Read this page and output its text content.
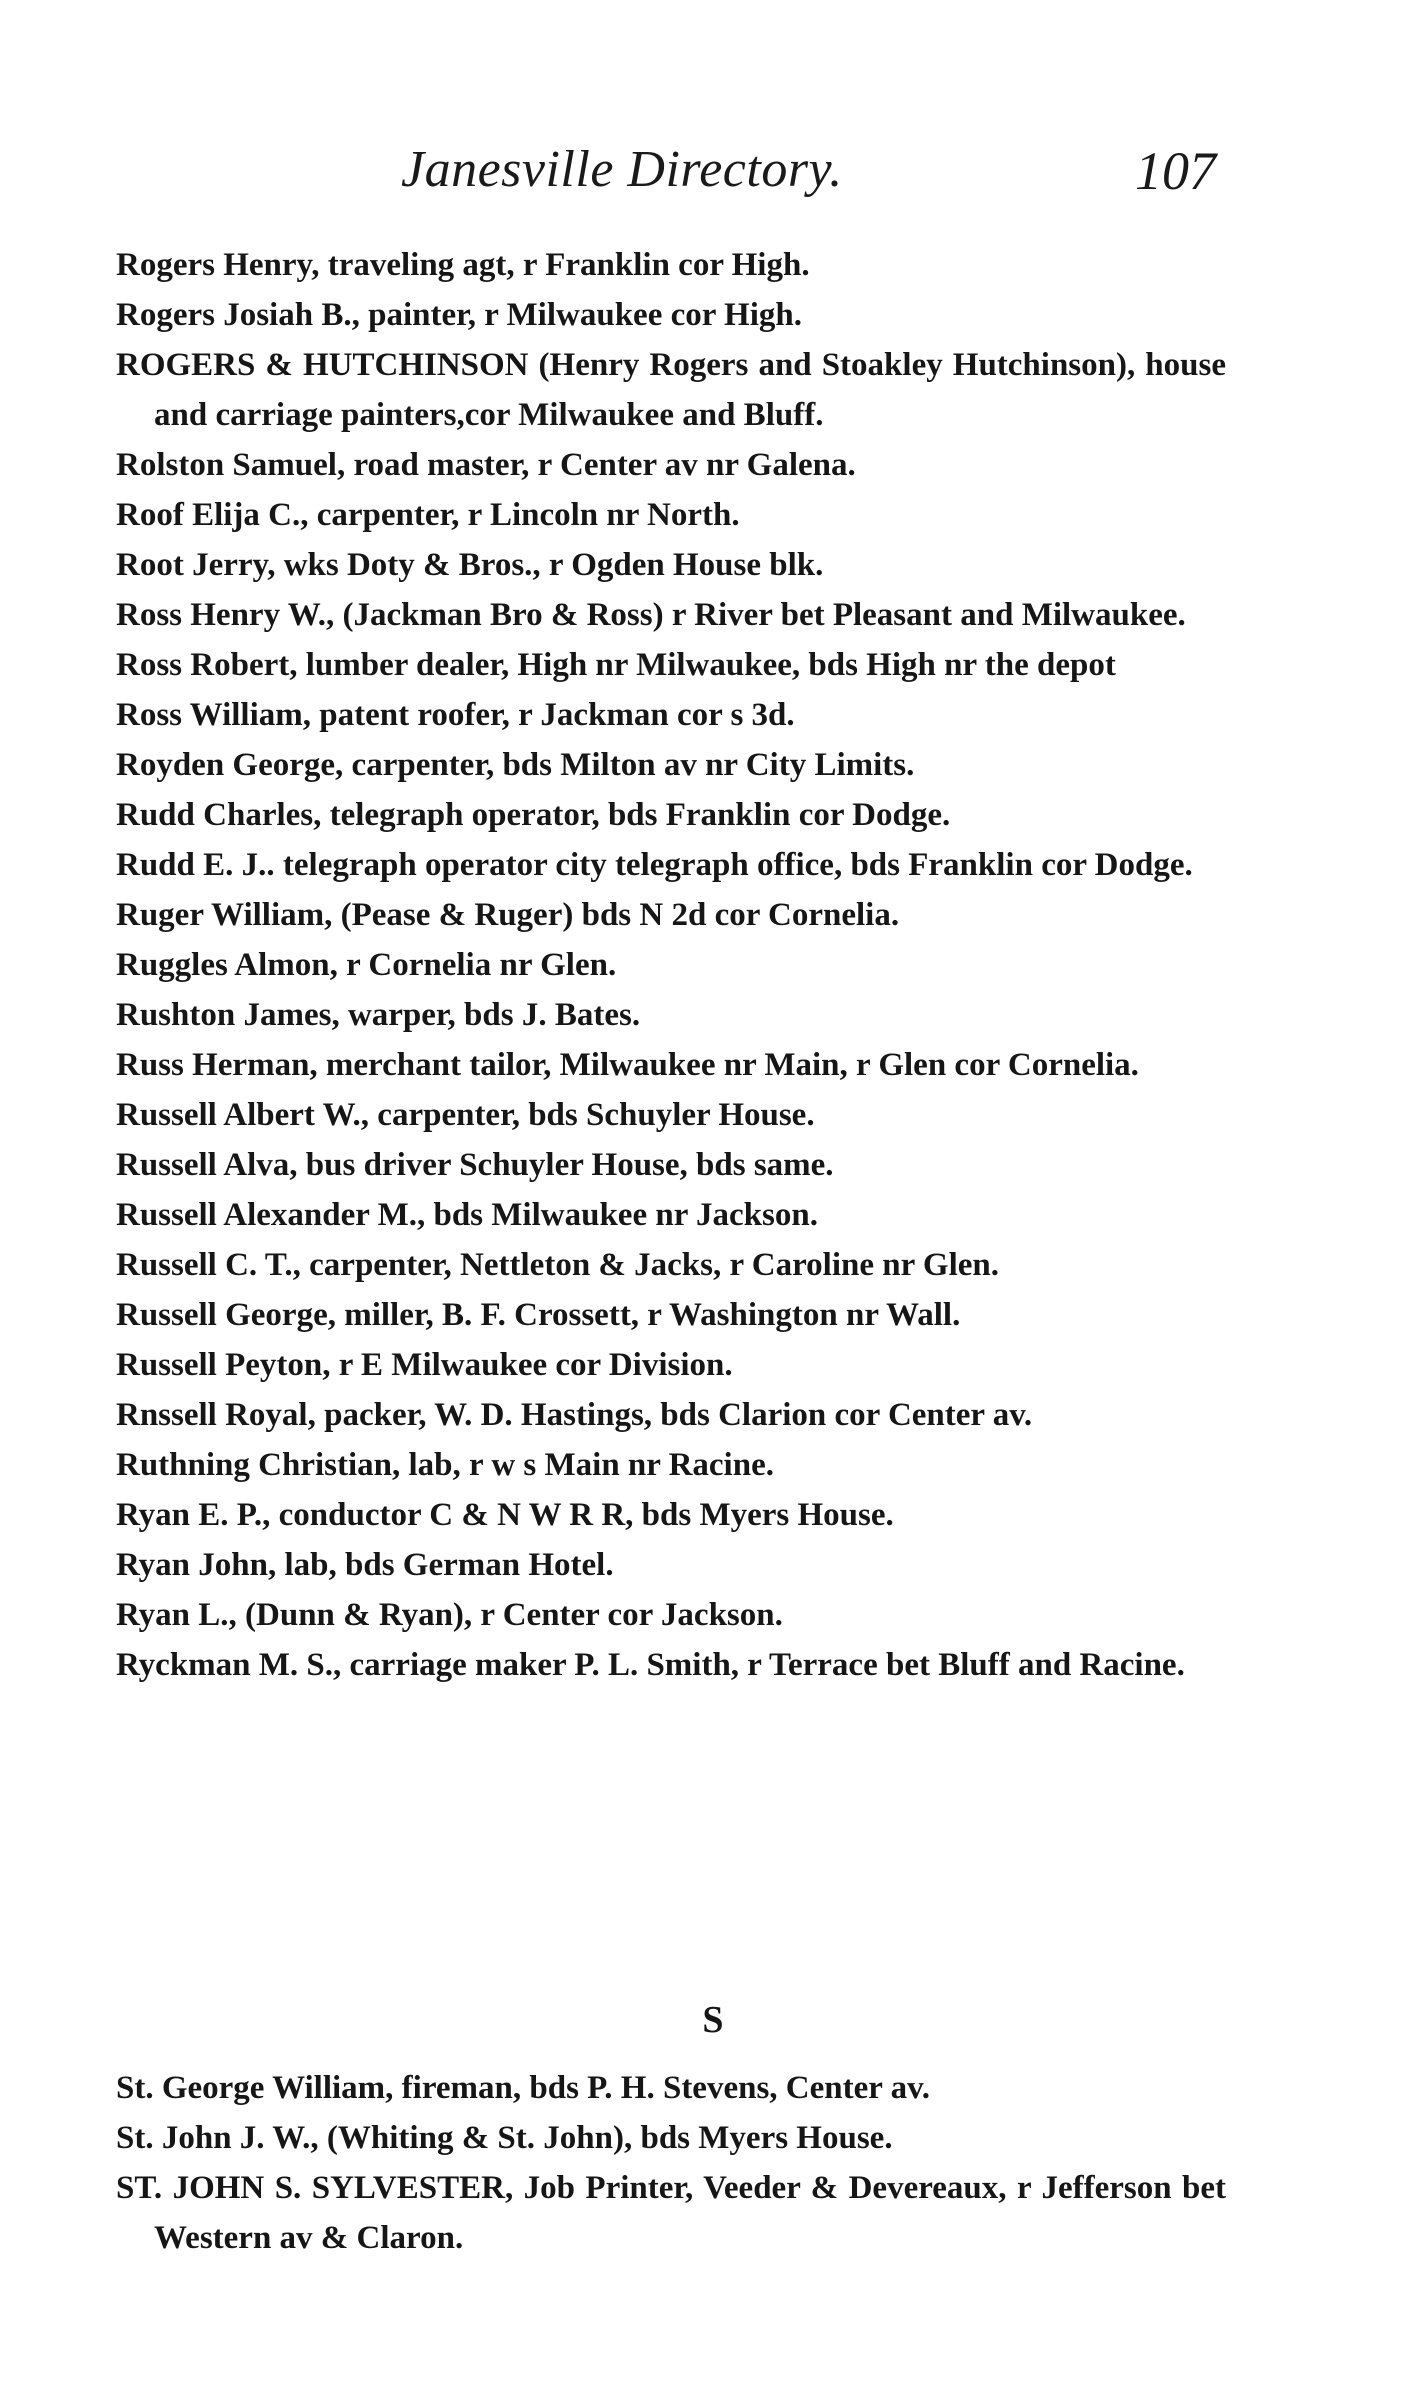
Janesville Directory.	107

Rogers Henry, traveling agt, r Franklin cor High.

Rogers Josiah B., painter, r Milwaukee cor High.

ROGERS & HUTCHINSON (Henry Rogers and Stoakley Hutchinson), house and carriage painters,cor Milwaukee and Bluff.

Rolston Samuel, road master, r Center av nr Galena.

Roof Elija C., carpenter, r Lincoln nr North.

Root Jerry, wks Doty & Bros., r Ogden House blk.

Ross Henry W., (Jackman Bro & Ross) r River bet Pleasant and Milwaukee.

Ross Robert, lumber dealer, High nr Milwaukee, bds High nr the depot

Ross William, patent roofer, r Jackman cor s 3d.

Royden George, carpenter, bds Milton av nr City Limits.

Rudd Charles, telegraph operator, bds Franklin cor Dodge.

Rudd E. J.. telegraph operator city telegraph office, bds Franklin cor Dodge.

Ruger William, (Pease & Ruger) bds N 2d cor Cornelia.

Ruggles Almon, r Cornelia nr Glen.

Rushton James, warper, bds J. Bates.

Russ Herman, merchant tailor, Milwaukee nr Main, r Glen cor Cornelia.

Russell Albert W., carpenter, bds Schuyler House.

Russell Alva, bus driver Schuyler House, bds same.

Russell Alexander M., bds Milwaukee nr Jackson.

Russell C. T., carpenter, Nettleton & Jacks, r Caroline nr Glen.

Russell George, miller, B. F. Crossett, r Washington nr Wall.

Russell Peyton, r E Milwaukee cor Division.

Rnssell Royal, packer, W. D. Hastings, bds Clarion cor Center av.

Ruthning Christian, lab, r w s Main nr Racine.

Ryan E. P., conductor C & N W R R, bds Myers House.

Ryan John, lab, bds German Hotel.

Ryan L., (Dunn & Ryan), r Center cor Jackson.

Ryckman M. S., carriage maker P. L. Smith, r Terrace bet Bluff and Racine.

S

St. George William, fireman, bds P. H. Stevens, Center av.

St. John J. W., (Whiting & St. John), bds Myers House.

ST. JOHN S. SYLVESTER, Job Printer, Veeder & Devereaux, r Jefferson bet Western av & Claron.
